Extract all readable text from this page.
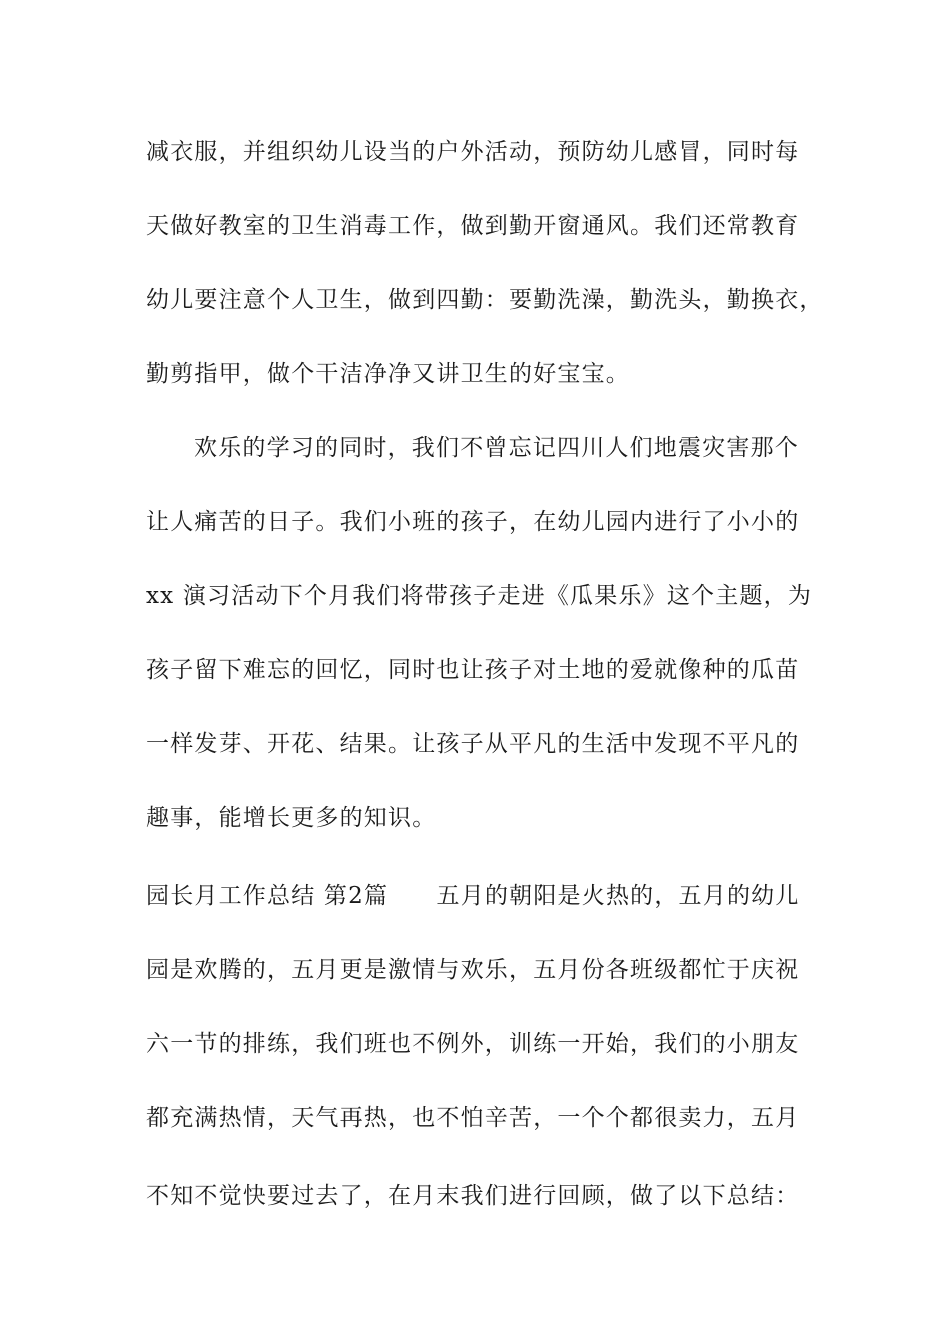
减衣服，并组织幼儿设当的户外活动，预防幼儿感冒，同时每
天做好教室的卫生消毒工作，做到勤开窗通风。我们还常教育
幼儿要注意个人卫生，做到四勤：要勤洗澡，勤洗头，勤换衣，
勤剪指甲，做个干洁净净又讲卫生的好宝宝。
欢乐的学习的同时，我们不曾忘记四川人们地震灾害那个
让人痛苦的日子。我们小班的孩子，在幼儿园内进行了小小的
xx 演习活动下个月我们将带孩子走进《瓜果乐》这个主题，为
孩子留下难忘的回忆，同时也让孩子对土地的爱就像种的瓜苗
一样发芽、开花、结果。让孩子从平凡的生活中发现不平凡的
趣事，能增长更多的知识。
园长月工作总结 第2篇　　五月的朝阳是火热的，五月的幼儿
园是欢腾的，五月更是激情与欢乐，五月份各班级都忙于庆祝
六一节的排练，我们班也不例外，训练一开始，我们的小朋友
都充满热情，天气再热，也不怕辛苦，一个个都很卖力，五月
不知不觉快要过去了，在月末我们进行回顾，做了以下总结：
